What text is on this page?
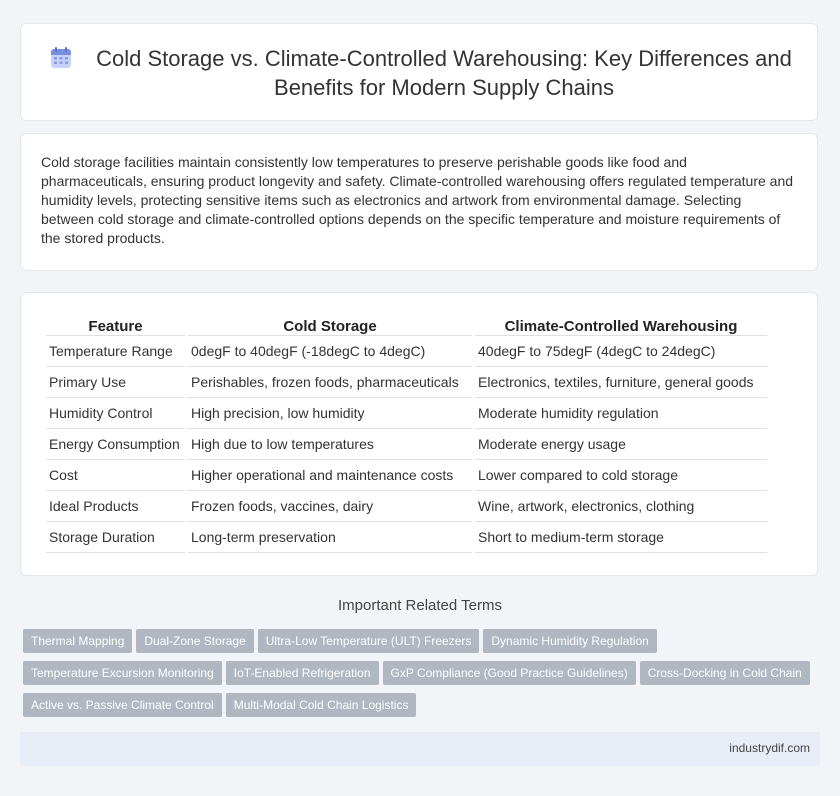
Cold Storage vs. Climate-Controlled Warehousing: Key Differences and Benefits for Modern Supply Chains

Cold storage facilities maintain consistently low temperatures to preserve perishable goods like food and pharmaceuticals, ensuring product longevity and safety. Climate-controlled warehousing offers regulated temperature and humidity levels, protecting sensitive items such as electronics and artwork from environmental damage. Selecting between cold storage and climate-controlled options depends on the specific temperature and moisture requirements of the stored products.

Feature	Cold Storage	Climate-Controlled Warehousing
Temperature Range	0degF to 40degF (-18degC to 4degC)	40degF to 75degF (4degC to 24degC)
Primary Use	Perishables, frozen foods, pharmaceuticals	Electronics, textiles, furniture, general goods
Humidity Control	High precision, low humidity	Moderate humidity regulation
Energy Consumption	High due to low temperatures	Moderate energy usage
Cost	Higher operational and maintenance costs	Lower compared to cold storage
Ideal Products	Frozen foods, vaccines, dairy	Wine, artwork, electronics, clothing
Storage Duration	Long-term preservation	Short to medium-term storage
Important Related Terms
Thermal Mapping Dual-Zone Storage Ultra-Low Temperature (ULT) Freezers Dynamic Humidity Regulation
Temperature Excursion Monitoring IoT-Enabled Refrigeration GxP Compliance (Good Practice Guidelines) Cross-Docking in Cold Chain
Active vs. Passive Climate Control Multi-Modal Cold Chain Logistics
industrydif.com
